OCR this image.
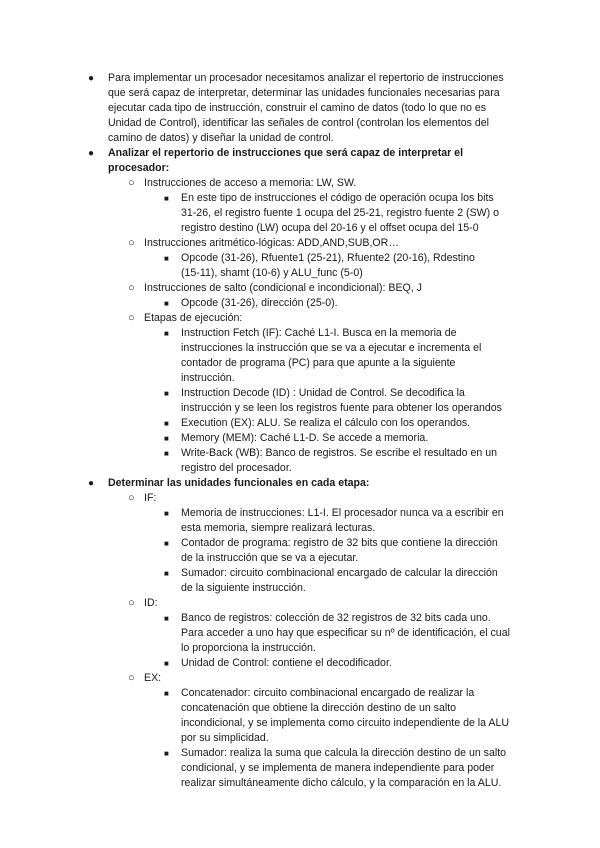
● Para implementar un procesador necesitamos analizar el repertorio de instrucciones
que será capaz de interpretar, determinar las unidades funcionales necesarias para
ejecutar cada tipo de instrucción, construir el camino de datos (todo lo que no es
Unidad de Control), identificar las señales de control (controlan los elementos del
camino de datos) y diseñar la unidad de control.
● Analizar el repertorio de instrucciones que será capaz de interpretar el
procesador:
○ Instrucciones de acceso a memoria: LW, SW.
■ En este tipo de instrucciones el código de operación ocupa los bits
31-26, el registro fuente 1 ocupa del 25-21, registro fuente 2 (SW) o
registro destino (LW) ocupa del 20-16 y el offset ocupa del 15-0
○ Instrucciones aritmético-lógicas: ADD,AND,SUB,OR…
■ Opcode (31-26), Rfuente1 (25-21), Rfuente2 (20-16), Rdestino
(15-11), shamt (10-6) y ALU_func (5-0)
○ Instrucciones de salto (condicional e incondicional): BEQ, J
■ Opcode (31-26), dirección (25-0).
○ Etapas de ejecución:
■ Instruction Fetch (IF): Caché L1-I. Busca en la memoria de
instrucciones la instrucción que se va a ejecutar e incrementa el
contador de programa (PC) para que apunte a la siguiente
instrucción.
■ Instruction Decode (ID) : Unidad de Control. Se decodifica la
instrucción y se leen los registros fuente para obtener los operandos
■ Execution (EX): ALU. Se realiza el cálculo con los operandos.
■ Memory (MEM): Caché L1-D. Se accede a memoria.
■ Write-Back (WB): Banco de registros. Se escribe el resultado en un
registro del procesador.
● Determinar las unidades funcionales en cada etapa:
○ IF:
■ Memoria de instrucciones: L1-I. El procesador nunca va a escribir en
esta memoria, siempre realizará lecturas.
■ Contador de programa: registro de 32 bits que contiene la dirección
de la instrucción que se va a ejecutar.
■ Sumador: circuito combinacional encargado de calcular la dirección
de la siguiente instrucción.
○ ID:
■ Banco de registros: colección de 32 registros de 32 bits cada uno.
Para acceder a uno hay que especificar su nº de identificación, el cual
lo proporciona la instrucción.
■ Unidad de Control: contiene el decodificador.
○ EX:
■ Concatenador: circuito combinacional encargado de realizar la
concatenación que obtiene la dirección destino de un salto
incondicional, y se implementa como circuito independiente de la ALU
por su simplicidad.
■ Sumador: realiza la suma que calcula la dirección destino de un salto
condicional, y se implementa de manera independiente para poder
realizar simultáneamente dicho cálculo, y la comparación en la ALU.
